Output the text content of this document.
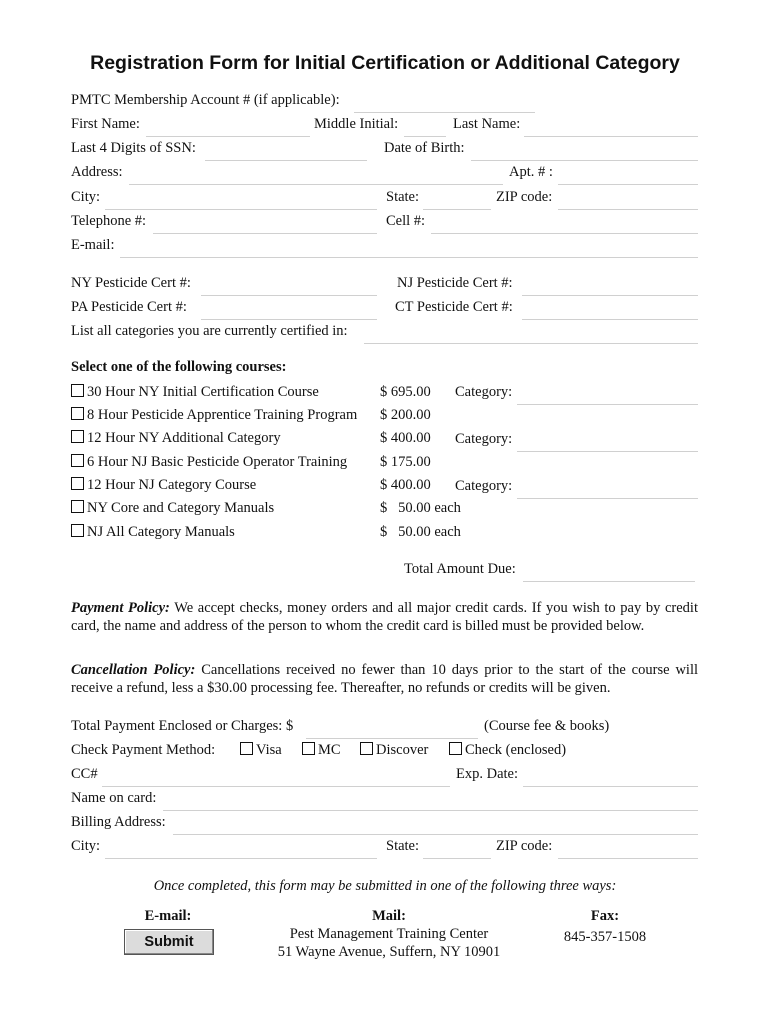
Registration Form for Initial Certification or Additional Category
PMTC Membership Account # (if applicable):
First Name:	Middle Initial:	Last Name:
Last 4 Digits of SSN:	Date of Birth:
Address:	Apt. # :
City:	State:	ZIP code:
Telephone #:	Cell #:
E-mail:
NY Pesticide Cert #:	NJ Pesticide Cert #:
PA Pesticide Cert #:	CT Pesticide Cert #:
List all categories you are currently certified in:
Select one of the following courses:
30 Hour NY Initial Certification Course	$ 695.00 Category:
8 Hour Pesticide Apprentice Training Program $ 200.00
12 Hour NY Additional Category	$ 400.00 Category:
6 Hour NJ Basic Pesticide Operator Training $ 175.00
12 Hour NJ Category Course	$ 400.00 Category:
NY Core and Category Manuals	$   50.00 each
NJ All Category Manuals	$   50.00 each
Total Amount Due:
Payment Policy: We accept checks, money orders and all major credit cards. If you wish to pay by credit card, the name and address of the person to whom the credit card is billed must be provided below.
Cancellation Policy: Cancellations received no fewer than 10 days prior to the start of the course will receive a refund, less a $30.00 processing fee. Thereafter, no refunds or credits will be given.
Total Payment Enclosed or Charges: $	(Course fee & books)
Check Payment Method:	Visa	MC	Discover	Check (enclosed)
CC#	Exp. Date:
Name on card:
Billing Address:
City:	State:	ZIP code:
Once completed, this form may be submitted in one of the following three ways:
E-mail:
Submit
Mail:
Pest Management Training Center
51 Wayne Avenue, Suffern, NY 10901
Fax:
845-357-1508
